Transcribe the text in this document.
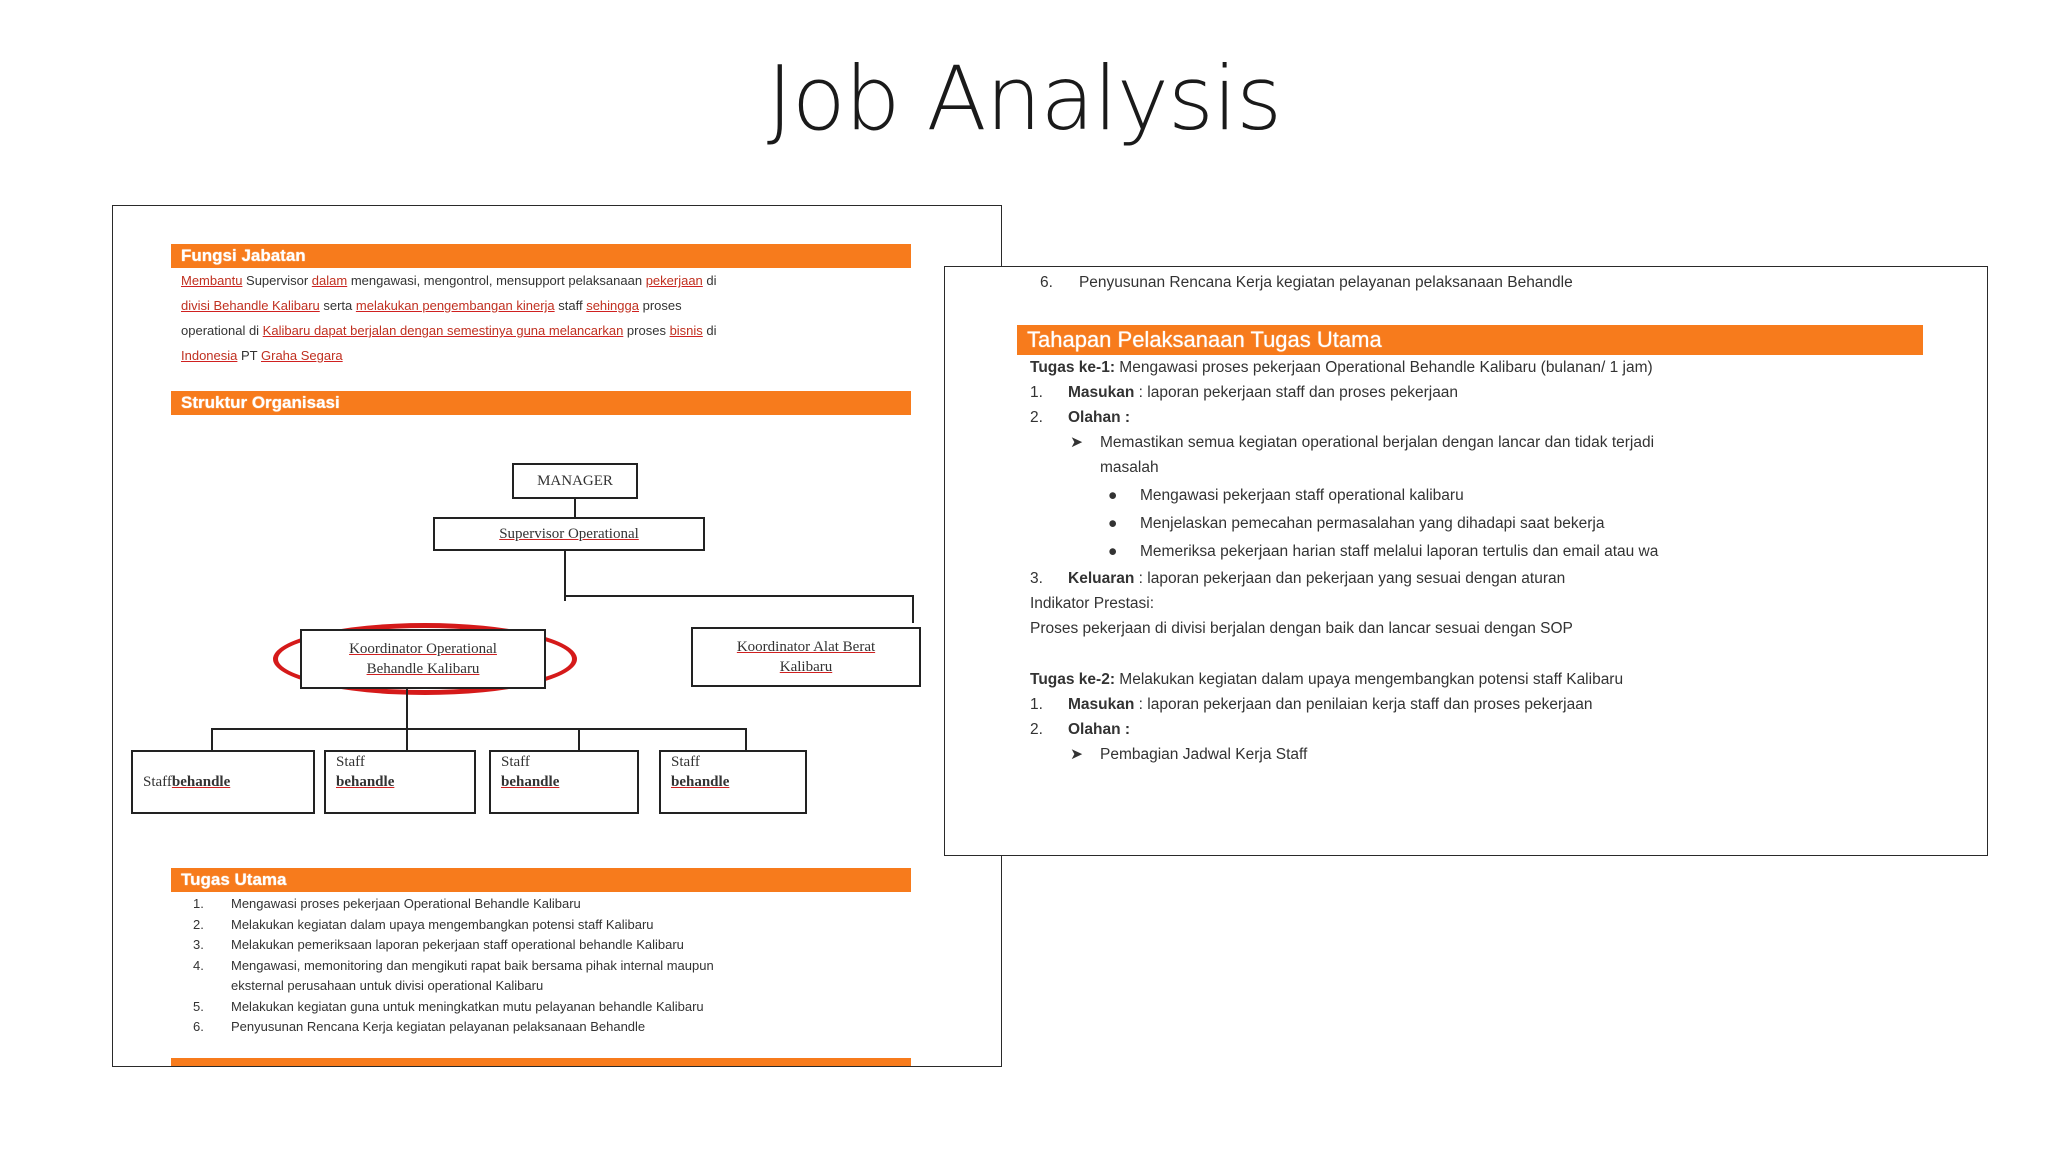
Job Analysis
Fungsi Jabatan
Membantu Supervisor dalam mengawasi, mengontrol, mensupport pelaksanaan pekerjaan di
divisi Behandle Kalibaru serta melakukan pengembangan kinerja staff sehingga proses
operational di Kalibaru dapat berjalan dengan semestinya guna melancarkan proses bisnis di
Indonesia PT Graha Segara
Struktur Organisasi
MANAGER
Supervisor Operational
Koordinator Operational
Behandle Kalibaru
Koordinator Alat Berat
Kalibaru
Staff behandle
Staff
behandle
Staff
behandle
Staff
behandle
Tugas Utama
1.	Mengawasi proses pekerjaan Operational Behandle Kalibaru
2.	Melakukan kegiatan dalam upaya mengembangkan potensi staff Kalibaru
3.	Melakukan pemeriksaan laporan pekerjaan staff operational behandle Kalibaru
4.	Mengawasi, memonitoring dan mengikuti rapat baik bersama pihak internal maupun
eksternal perusahaan untuk divisi operational Kalibaru
5.	Melakukan kegiatan guna untuk meningkatkan mutu pelayanan behandle Kalibaru
6.	Penyusunan Rencana Kerja kegiatan pelayanan pelaksanaan Behandle
6. Penyusunan Rencana Kerja kegiatan pelayanan pelaksanaan Behandle
Tahapan Pelaksanaan Tugas Utama
Tugas ke-1: Mengawasi proses pekerjaan Operational Behandle Kalibaru (bulanan/ 1 jam)
1. Masukan : laporan pekerjaan staff dan proses pekerjaan
2. Olahan :
➤ Memastikan semua kegiatan operational berjalan dengan lancar dan tidak terjadi
masalah
● Mengawasi pekerjaan staff operational kalibaru
● Menjelaskan pemecahan permasalahan yang dihadapi saat bekerja
● Memeriksa pekerjaan harian staff melalui laporan tertulis dan email atau wa
3. Keluaran : laporan pekerjaan dan pekerjaan yang sesuai dengan aturan
Indikator Prestasi:
Proses pekerjaan di divisi berjalan dengan baik dan lancar sesuai dengan SOP
Tugas ke-2: Melakukan kegiatan dalam upaya mengembangkan potensi staff Kalibaru
1. Masukan : laporan pekerjaan dan penilaian kerja staff dan proses pekerjaan
2. Olahan :
➤ Pembagian Jadwal Kerja Staff
